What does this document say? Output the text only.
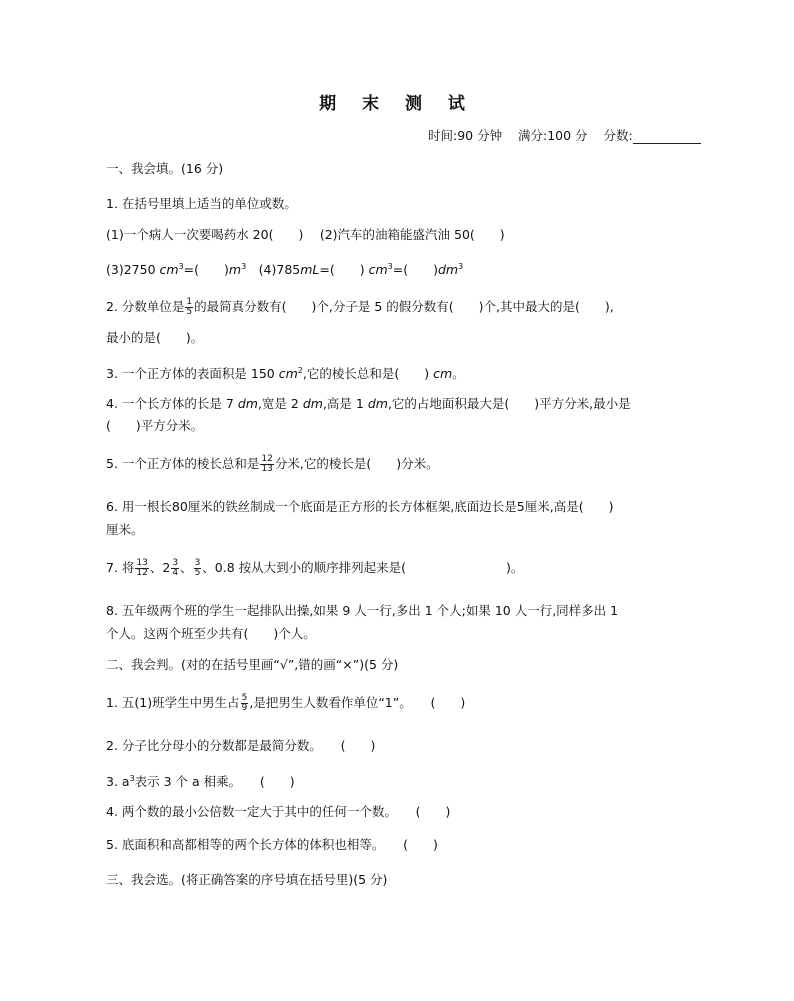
期 末 测 试
时间:90 分钟 满分:100 分 分数:
一、我会填。(16 分)
1. 在括号里填上适当的单位或数。
(1)一个病人一次要喝药水 20(　　)　 (2)汽车的油箱能盛汽油 50(　　)
(3)2750 $cm^3=$(　　)$m^3$　(4)785mL=(　　) $cm^3=$(　　)$dm^3$
2. 分数单位是 $\frac{1}{5}$ 的最简真分数有(　　)个,分子是 5 的假分数有(　　)个,其中最大的是(　　),
最小的是(　　)。
3. 一个正方体的表面积是 150 $cm^2$,它的棱长总和是(　　) cm。
4. 一个长方体的长是 7 dm,宽是 2 dm,高是 1 dm,它的占地面积最大是(　　)平方分米,最小是
(　　)平方分米。
5. 一个正方体的棱长总和是 $\frac{12}{13}$ 分米,它的棱长是(　　)分米。
6. 用一根长80厘米的铁丝制成一个底面是正方形的长方体框架,底面边长是5厘米,高是(　　)
厘米。
7. 将 $\frac{13}{12}$ 、$2 \frac{3}{4}$ 、 $\frac{3}{5}$ 、0.8 按从大到小的顺序排列起来是(　　　　　　　　)。
8. 五年级两个班的学生一起排队出操,如果 9 人一行,多出 1 个人;如果 10 人一行,同样多出 1
个人。这两个班至少共有(　　)个人。
二、我会判。(对的在括号里画“√”,错的画“×”)(5 分)
1. 五(1)班学生中男生占 $\frac{5}{9}$ ,是把男生人数看作单位“1”。　　(　　)
2. 分子比分母小的分数都是最简分数。　　(　　)
3. $a^3$表示 3 个 a 相乘。　　(　　)
4. 两个数的最小公倍数一定大于其中的任何一个数。　　(　　)
5. 底面积和高都相等的两个长方体的体积也相等。　　(　　)
三、我会选。(将正确答案的序号填在括号里)(5 分)
